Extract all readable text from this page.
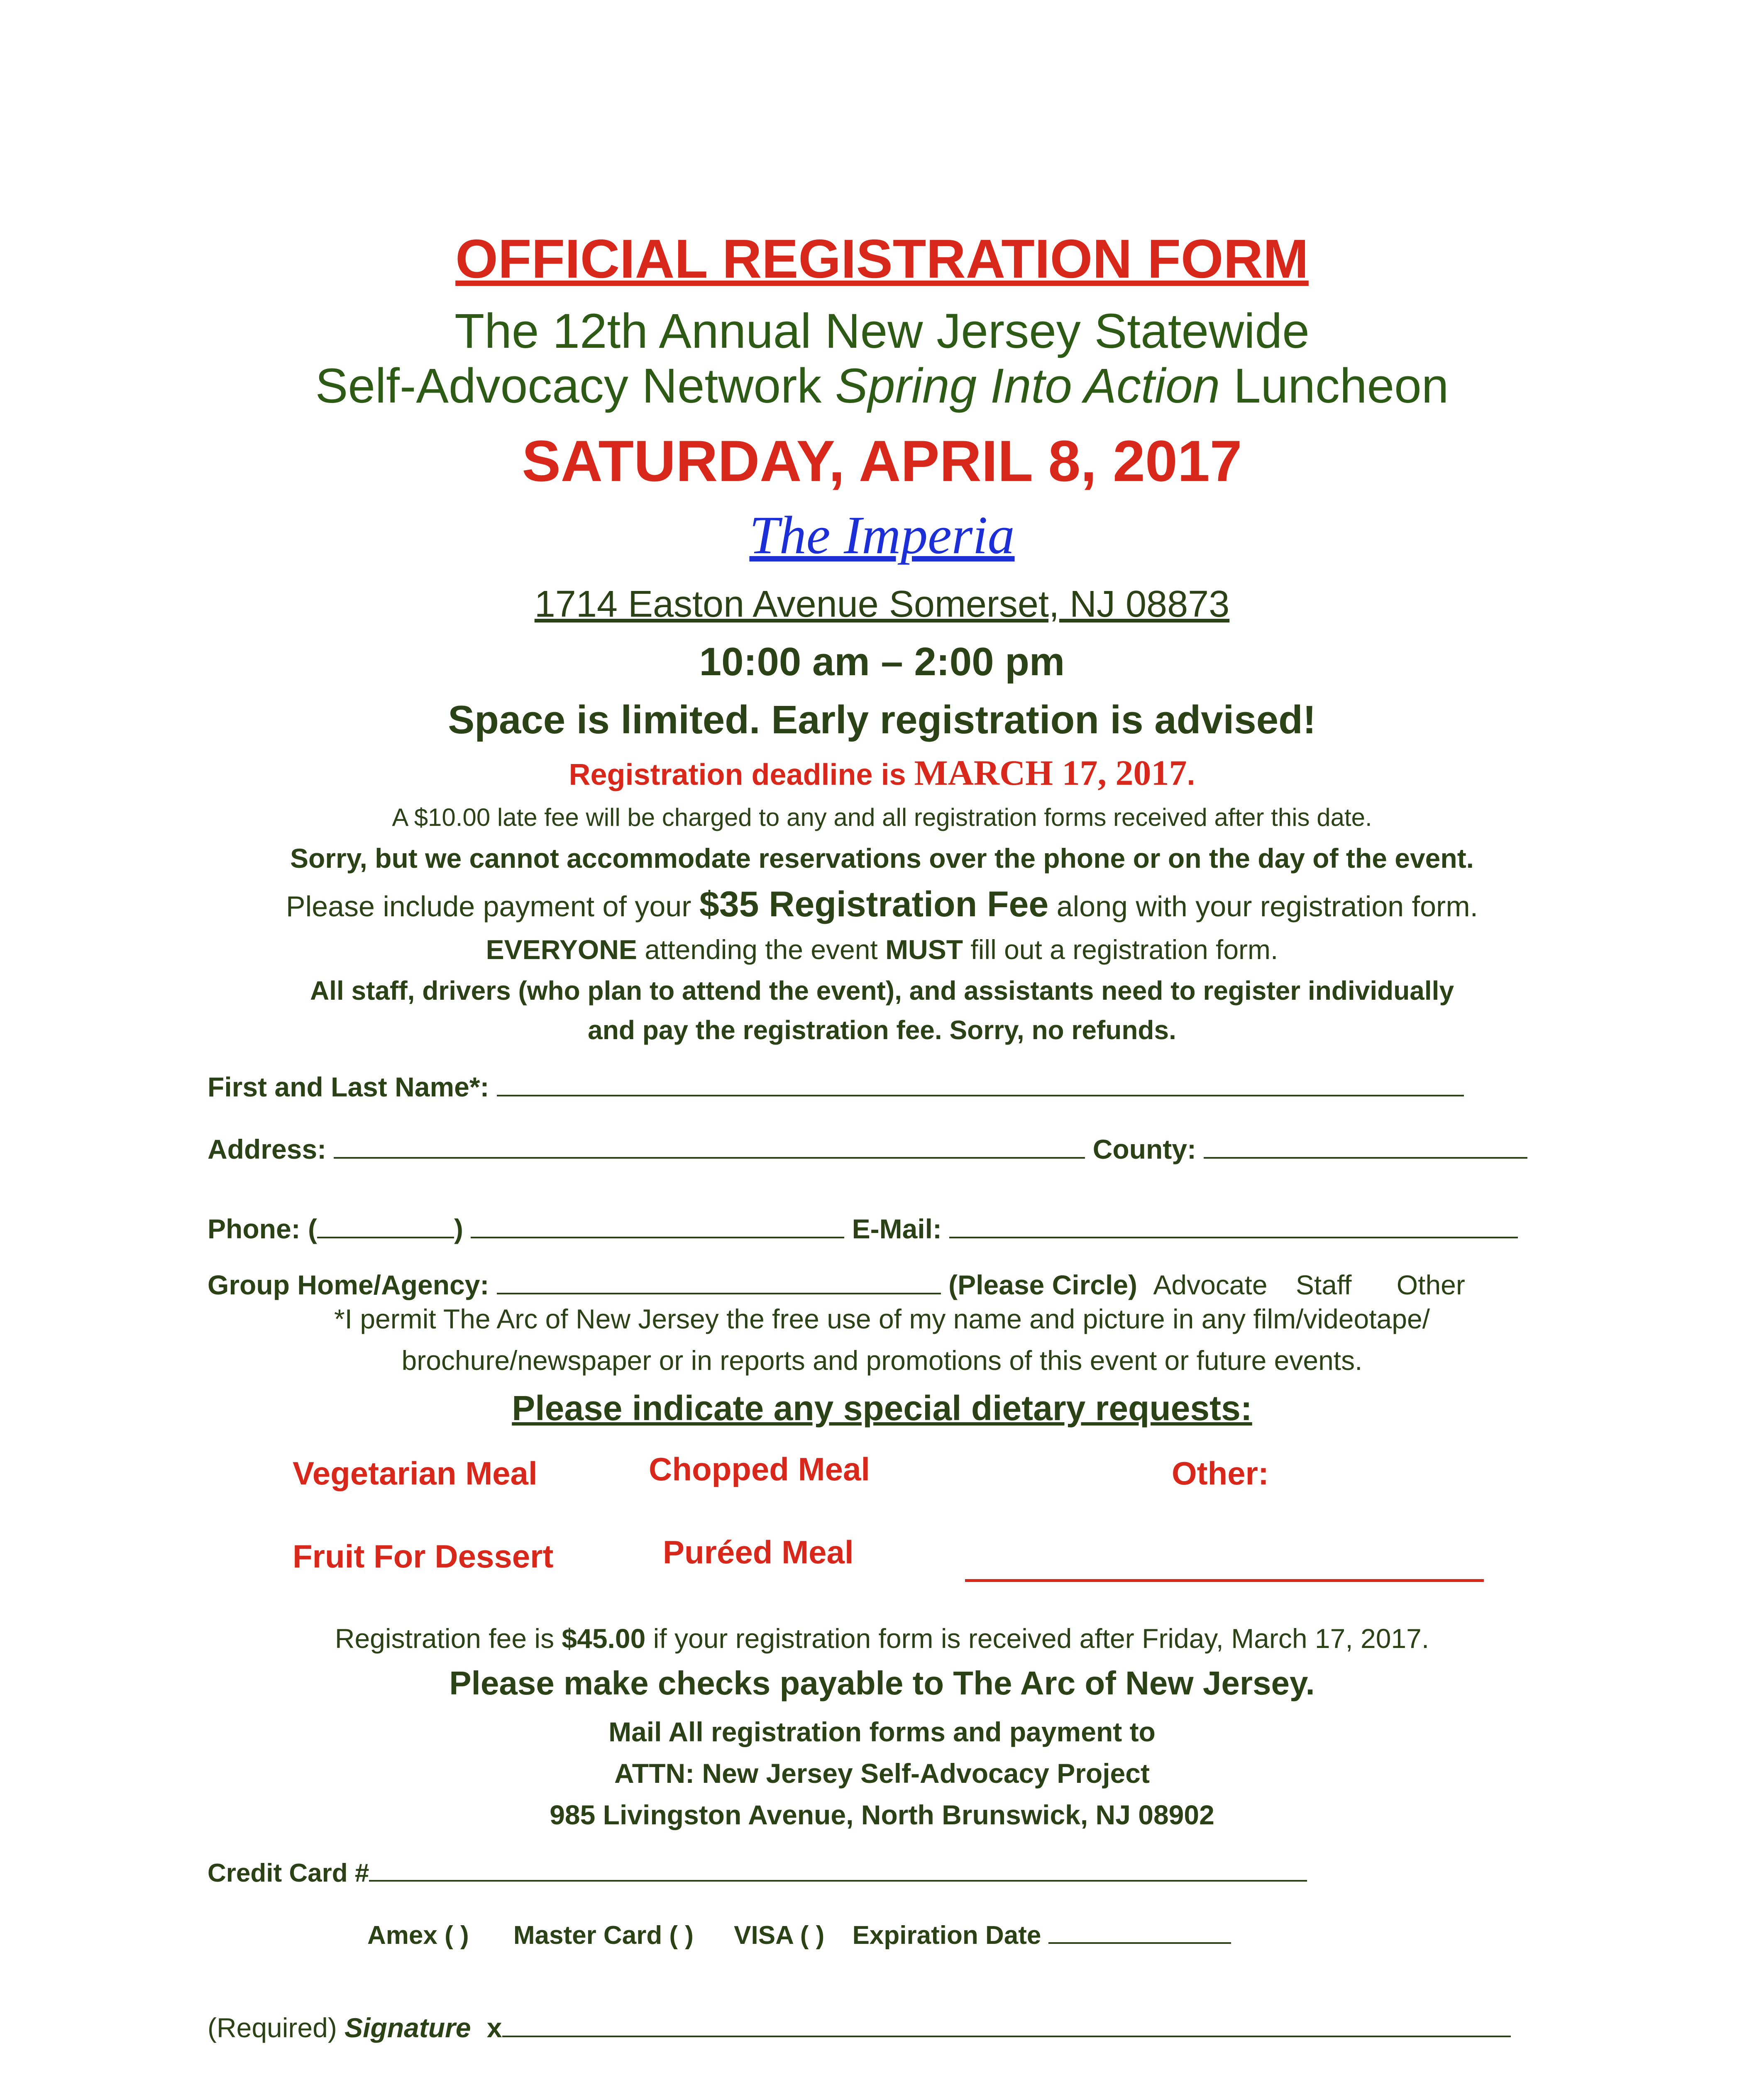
OFFICIAL REGISTRATION FORM
The 12th Annual New Jersey Statewide
Self-Advocacy Network Spring Into Action Luncheon
SATURDAY, APRIL 8, 2017
The Imperia
1714 Easton Avenue Somerset, NJ 08873
10:00 am – 2:00 pm
Space is limited. Early registration is advised!
Registration deadline is MARCH 17, 2017.
A $10.00 late fee will be charged to any and all registration forms received after this date.
Sorry, but we cannot accommodate reservations over the phone or on the day of the event.
Please include payment of your $35 Registration Fee along with your registration form.
EVERYONE attending the event MUST fill out a registration form.
All staff, drivers (who plan to attend the event), and assistants need to register individually
and pay the registration fee. Sorry, no refunds.
First and Last Name*:
Address:	County:
Phone: (	)	E-Mail:
Group Home/Agency:	(Please Circle) Advocate Staff Other
*I permit The Arc of New Jersey the free use of my name and picture in any film/videotape/
brochure/newspaper or in reports and promotions of this event or future events.
Please indicate any special dietary requests:
Vegetarian Meal	Chopped Meal	Other:
Fruit For Dessert	Puréed Meal
Registration fee is $45.00 if your registration form is received after Friday, March 17, 2017.
Please make checks payable to The Arc of New Jersey.
Mail All registration forms and payment to
ATTN: New Jersey Self-Advocacy Project
985 Livingston Avenue, North Brunswick, NJ 08902
Credit Card #
Amex ( ) Master Card ( ) VISA ( ) Expiration Date
(Required) Signature x
